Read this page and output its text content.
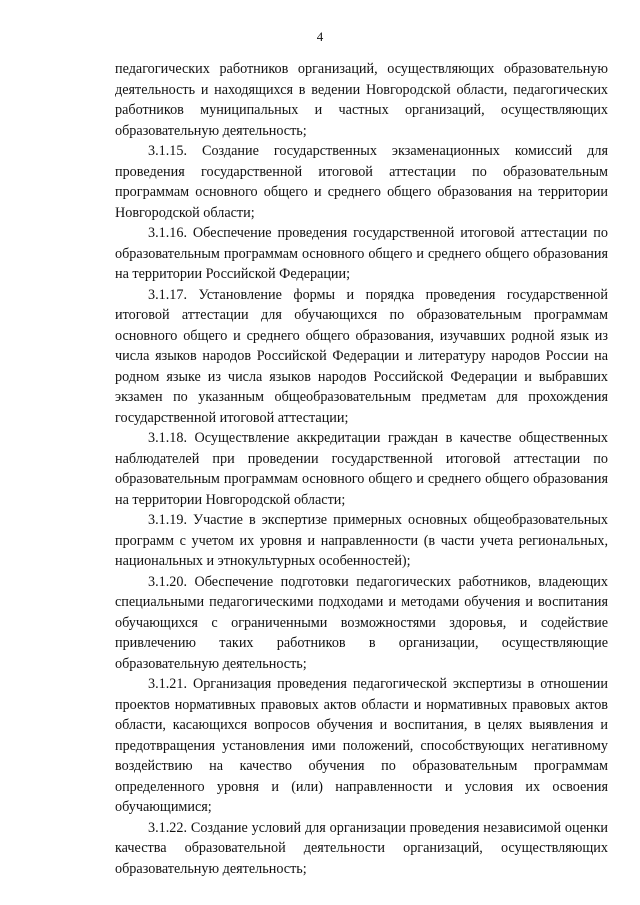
4

педагогических работников организаций, осуществляющих образовательную деятельность и находящихся в ведении Новгородской области, педагогических работников муниципальных и частных организаций, осуществляющих образовательную деятельность;

3.1.15. Создание государственных экзаменационных комиссий для проведения государственной итоговой аттестации по образовательным программам основного общего и среднего общего образования на территории Новгородской области;

3.1.16. Обеспечение проведения государственной итоговой аттестации по образовательным программам основного общего и среднего общего образования на территории Российской Федерации;

3.1.17. Установление формы и порядка проведения государственной итоговой аттестации для обучающихся по образовательным программам основного общего и среднего общего образования, изучавших родной язык из числа языков народов Российской Федерации и литературу народов России на родном языке из числа языков народов Российской Федерации и выбравших экзамен по указанным общеобразовательным предметам для прохождения государственной итоговой аттестации;

3.1.18. Осуществление аккредитации граждан в качестве общественных наблюдателей при проведении государственной итоговой аттестации по образовательным программам основного общего и среднего общего образования на территории Новгородской области;

3.1.19. Участие в экспертизе примерных основных общеобразовательных программ с учетом их уровня и направленности (в части учета региональных, национальных и этнокультурных особенностей);

3.1.20. Обеспечение подготовки педагогических работников, владеющих специальными педагогическими подходами и методами обучения и воспитания обучающихся с ограниченными возможностями здоровья, и содействие привлечению таких работников в организации, осуществляющие образовательную деятельность;

3.1.21. Организация проведения педагогической экспертизы в отношении проектов нормативных правовых актов области и нормативных правовых актов области, касающихся вопросов обучения и воспитания, в целях выявления и предотвращения установления ими положений, способствующих негативному воздействию на качество обучения по образовательным программам определенного уровня и (или) направленности и условия их освоения обучающимися;

3.1.22. Создание условий для организации проведения независимой оценки качества образовательной деятельности организаций, осуществляющих образовательную деятельность;
